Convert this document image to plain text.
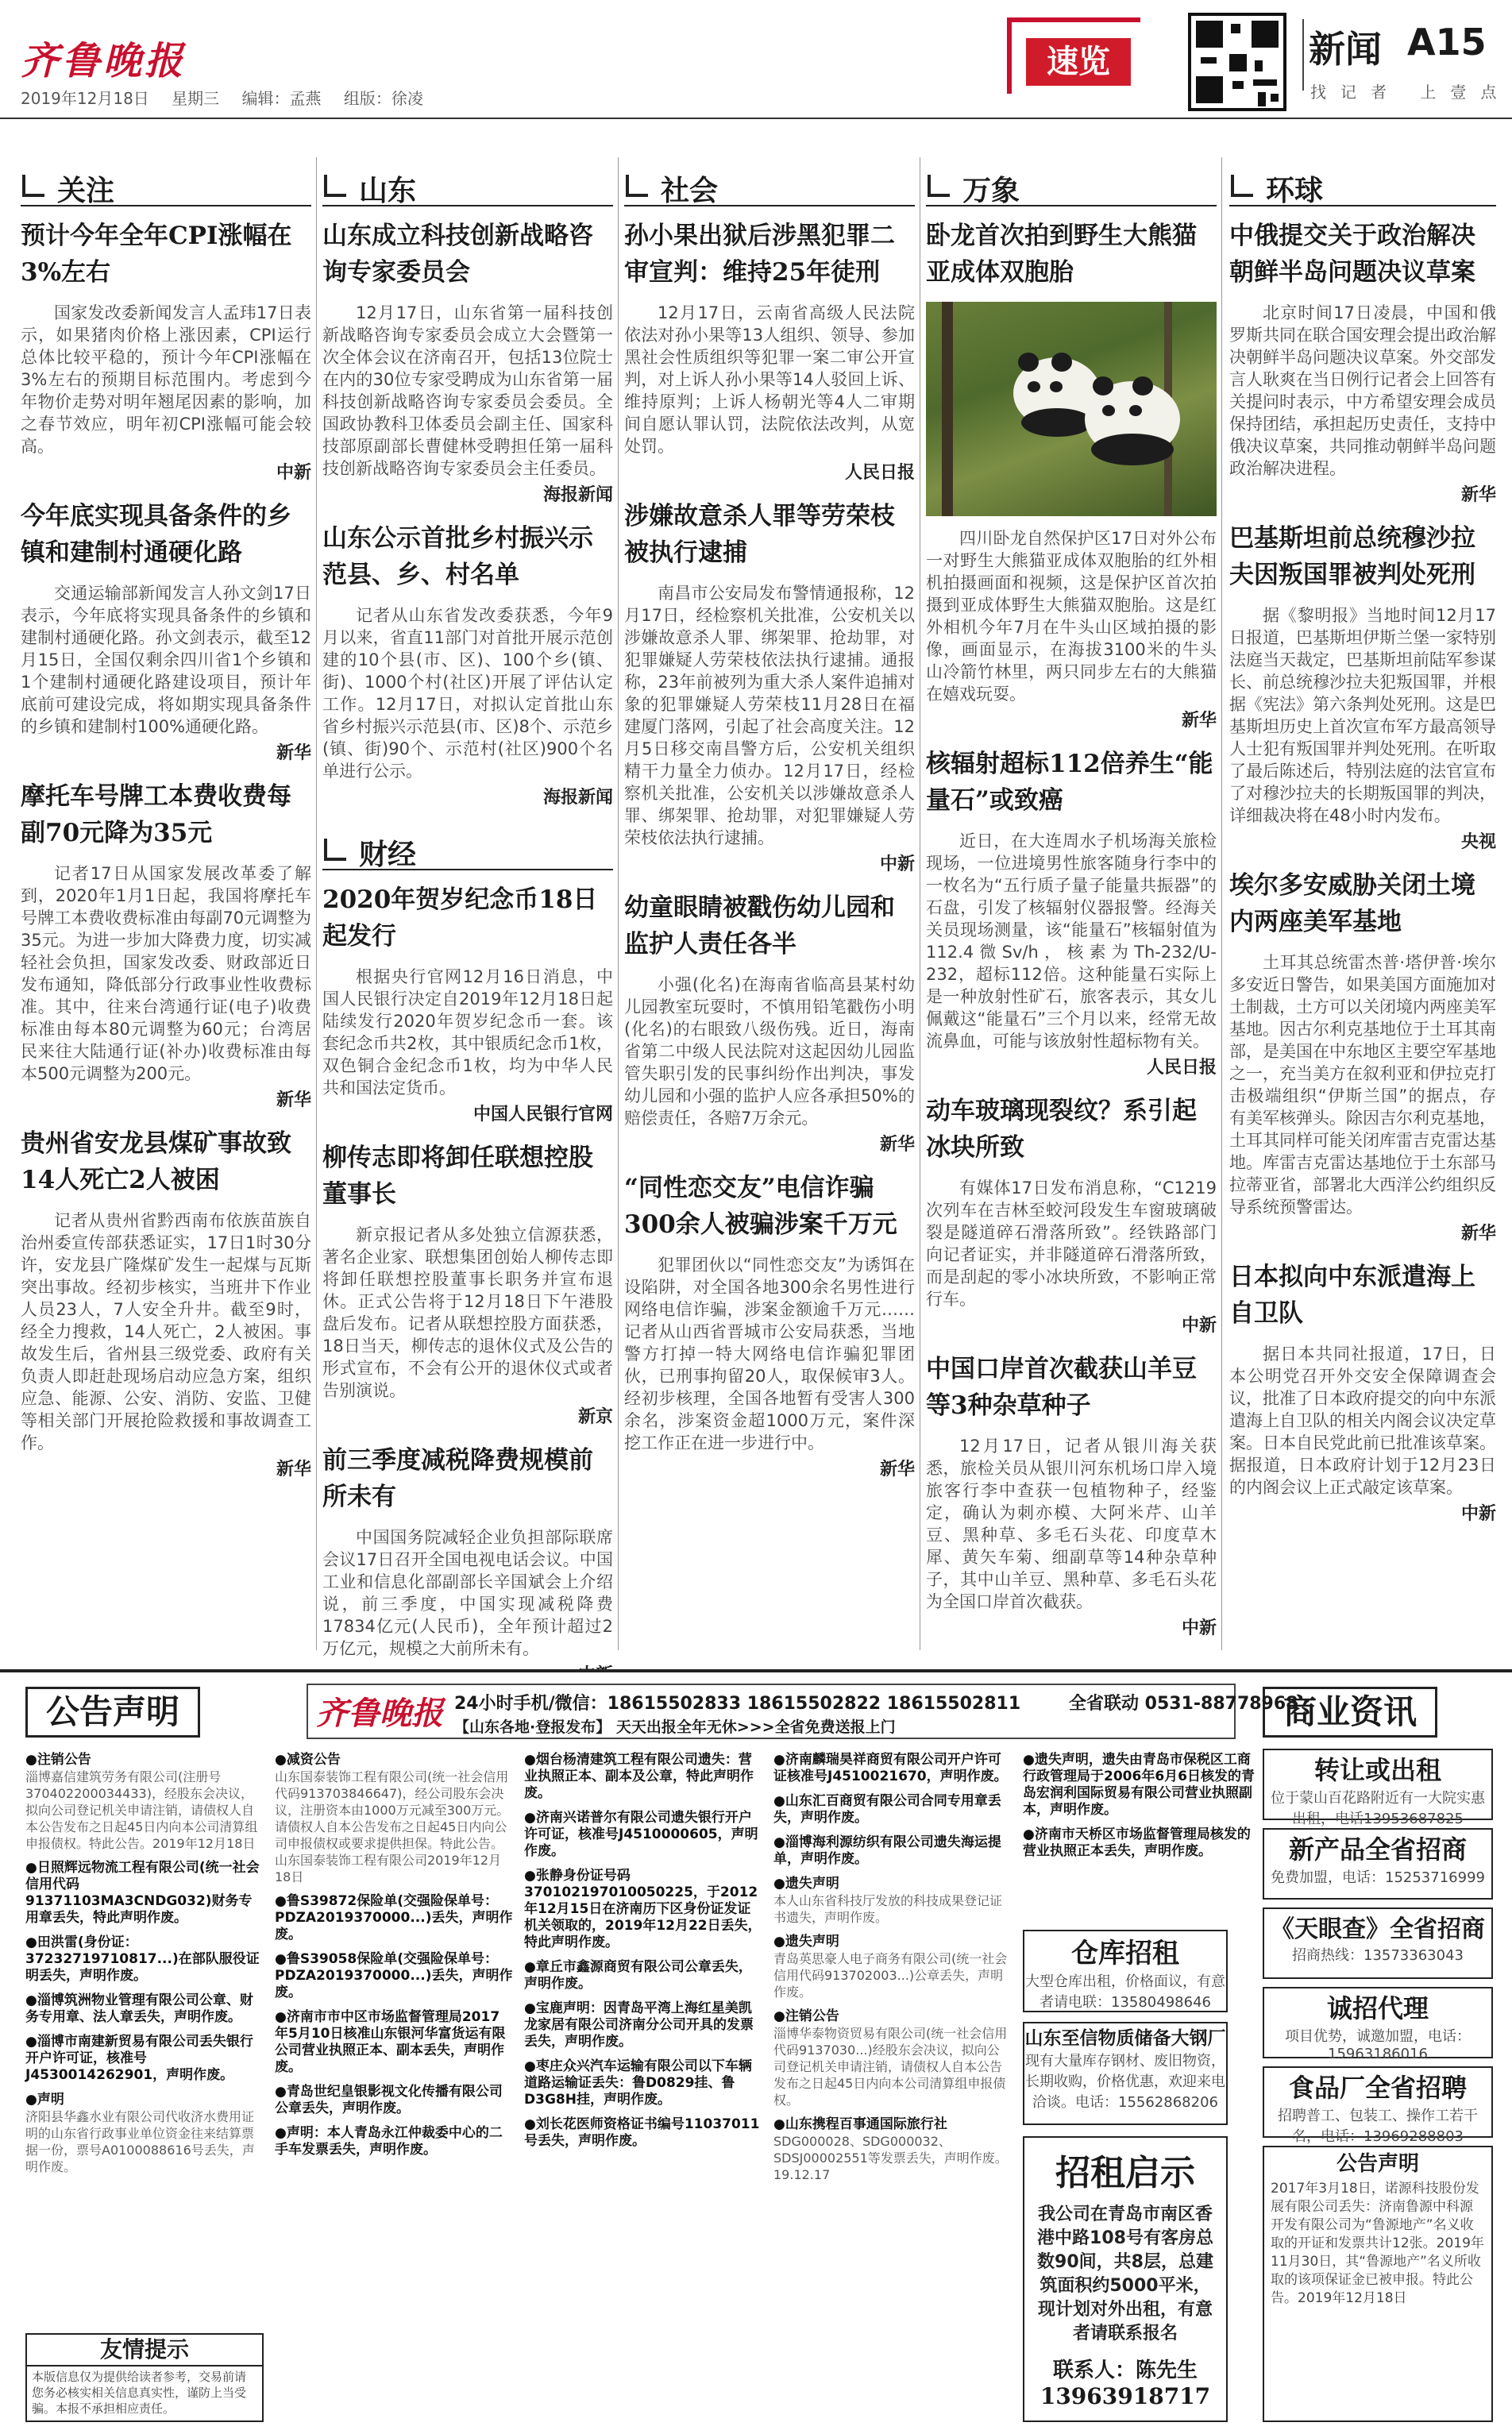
齐鲁晚报
2019年12月18日 星期三 编辑：孟燕 组版：徐凌
速览	新闻 A15
找记者 上壹点
关注
预计今年全年CPI涨幅在3%左右

国家发改委新闻发言人孟玮17日表示，如果猪肉价格上涨因素，CPI运行总体比较平稳的，预计今年CPI涨幅在3%左右的预期目标范围内。考虑到今年物价走势对明年翘尾因素的影响，加之春节效应，明年初CPI涨幅可能会较高。

中新
今年底实现具备条件的乡镇和建制村通硬化路

交通运输部新闻发言人孙文剑17日表示，今年底将实现具备条件的乡镇和建制村通硬化路。孙文剑表示，截至12月15日，全国仅剩余四川省1个乡镇和1个建制村通硬化路建设项目，预计年底前可建设完成，将如期实现具备条件的乡镇和建制村100%通硬化路。

新华
摩托车号牌工本费收费每副70元降为35元

记者17日从国家发展改革委了解到，2020年1月1日起，我国将摩托车号牌工本费收费标准由每副70元调整为35元。为进一步加大降费力度，切实减轻社会负担，国家发改委、财政部近日发布通知，降低部分行政事业性收费标准。其中，往来台湾通行证(电子)收费标准由每本80元调整为60元；台湾居民来往大陆通行证(补办)收费标准由每本500元调整为200元。

新华
贵州省安龙县煤矿事故致14人死亡2人被困

记者从贵州省黔西南布依族苗族自治州委宣传部获悉证实，17日1时30分许，安龙县广隆煤矿发生一起煤与瓦斯突出事故。经初步核实，当班井下作业人员23人，7人安全升井。截至9时，经全力搜救，14人死亡，2人被困。事故发生后，省州县三级党委、政府有关负责人即赶赴现场启动应急方案，组织应急、能源、公安、消防、安监、卫健等相关部门开展抢险救援和事故调查工作。

新华
山东
山东成立科技创新战略咨询专家委员会

12月17日，山东省第一届科技创新战略咨询专家委员会成立大会暨第一次全体会议在济南召开，包括13位院士在内的30位专家受聘成为山东省第一届科技创新战略咨询专家委员会委员。全国政协教科卫体委员会副主任、国家科技部原副部长曹健林受聘担任第一届科技创新战略咨询专家委员会主任委员。

海报新闻
山东公示首批乡村振兴示范县、乡、村名单

记者从山东省发改委获悉，今年9月以来，省直11部门对首批开展示范创建的10个县(市、区)、100个乡(镇、街)、1000个村(社区)开展了评估认定工作。12月17日，对拟认定首批山东省乡村振兴示范县(市、区)8个、示范乡(镇、街)90个、示范村(社区)900个名单进行公示。

海报新闻
财经
2020年贺岁纪念币18日起发行

根据央行官网12月16日消息，中国人民银行决定自2019年12月18日起陆续发行2020年贺岁纪念币一套。该套纪念币共2枚，其中银质纪念币1枚，双色铜合金纪念币1枚，均为中华人民共和国法定货币。

中国人民银行官网
柳传志即将卸任联想控股董事长

新京报记者从多处独立信源获悉，著名企业家、联想集团创始人柳传志即将卸任联想控股董事长职务并宣布退休。正式公告将于12月18日下午港股盘后发布。记者从联想控股方面获悉，18日当天，柳传志的退休仪式及公告的形式宣布，不会有公开的退休仪式或者告别演说。

新京
前三季度减税降费规模前所未有

中国国务院减轻企业负担部际联席会议17日召开全国电视电话会议。中国工业和信息化部副部长辛国斌会上介绍说，前三季度，中国实现减税降费17834亿元(人民币)，全年预计超过2万亿元，规模之大前所未有。

社会
孙小果出狱后涉黑犯罪二审宣判：维持25年徒刑

12月17日，云南省高级人民法院依法对孙小果等13人组织、领导、参加黑社会性质组织等犯罪一案二审公开宣判，对上诉人孙小果等14人驳回上诉、维持原判；上诉人杨朝光等4人二审期间自愿认罪认罚，法院依法改判，从宽处罚。

人民日报
涉嫌故意杀人罪等劳荣枝被执行逮捕

南昌市公安局发布警情通报称，12月17日，经检察机关批准，公安机关以涉嫌故意杀人罪、绑架罪、抢劫罪，对犯罪嫌疑人劳荣枝依法执行逮捕。通报称，23年前被列为重大杀人案件追捕对象的犯罪嫌疑人劳荣枝11月28日在福建厦门落网，引起了社会高度关注。12月5日移交南昌警方后，公安机关组织精干力量全力侦办。12月17日，经检察机关批准，公安机关以涉嫌故意杀人罪、绑架罪、抢劫罪，对犯罪嫌疑人劳荣枝依法执行逮捕。

中新
幼童眼睛被戳伤幼儿园和监护人责任各半

小强(化名)在海南省临高县某村幼儿园教室玩耍时，不慎用铅笔戳伤小明(化名)的右眼致八级伤残。近日，海南省第二中级人民法院对这起因幼儿园监管失职引发的民事纠纷作出判决，事发幼儿园和小强的监护人应各承担50%的赔偿责任，各赔7万余元。

新华
“同性恋交友”电信诈骗300余人被骗涉案千万元

犯罪团伙以“同性恋交友”为诱饵在设陷阱，对全国各地300余名男性进行网络电信诈骗，涉案金额逾千万元……记者从山西省晋城市公安局获悉，当地警方打掉一特大网络电信诈骗犯罪团伙，已刑事拘留20人，取保候审3人。经初步核理，全国各地暂有受害人300余名，涉案资金超1000万元，案件深挖工作正在进一步进行中。

新华
万象
卧龙首次拍到野生大熊猫亚成体双胞胎

四川卧龙自然保护区17日对外公布一对野生大熊猫亚成体双胞胎的红外相机拍摄画面和视频，这是保护区首次拍摄到亚成体野生大熊猫双胞胎。这是红外相机今年7月在牛头山区域拍摄的影像，画面显示，在海拔3100米的牛头山冷箭竹林里，两只同步左右的大熊猫在嬉戏玩耍。

新华
核辐射超标112倍养生“能量石”或致癌

近日，在大连周水子机场海关旅检现场，一位进境男性旅客随身行李中的一枚名为“五行质子量子能量共振器”的石盘，引发了核辐射仪器报警。经海关关员现场测量，该“能量石”核辐射值为112.4微Sv/h，核素为Th-232/U-232，超标112倍。这种能量石实际上是一种放射性矿石，旅客表示，其女儿佩戴这“能量石”三个月以来，经常无故流鼻血，可能与该放射性超标物有关。

人民日报
动车玻璃现裂纹？系引起冰块所致

有媒体17日发布消息称，“C1219次列车在吉林至蛟河段发生车窗玻璃破裂是隧道碎石滑落所致”。经铁路部门向记者证实，并非隧道碎石滑落所致，而是刮起的零小冰块所致，不影响正常行车。

中新
中国口岸首次截获山羊豆等3种杂草种子

12月17日，记者从银川海关获悉，旅检关员从银川河东机场口岸入境旅客行李中查获一包植物种子，经鉴定，确认为刺亦模、大阿米芹、山羊豆、黑种草、多毛石头花、印度草木犀、黄矢车菊、细副草等14种杂草种子，其中山羊豆、黑种草、多毛石头花为全国口岸首次截获。

中新
环球
中俄提交关于政治解决朝鲜半岛问题决议草案

北京时间17日凌晨，中国和俄罗斯共同在联合国安理会提出政治解决朝鲜半岛问题决议草案。外交部发言人耿爽在当日例行记者会上回答有关提问时表示，中方希望安理会成员保持团结，承担起历史责任，支持中俄决议草案，共同推动朝鲜半岛问题政治解决进程。

新华
巴基斯坦前总统穆沙拉夫因叛国罪被判处死刑

据《黎明报》当地时间12月17日报道，巴基斯坦伊斯兰堡一家特别法庭当天裁定，巴基斯坦前陆军参谋长、前总统穆沙拉夫犯叛国罪，并根据《宪法》第六条判处死刑。这是巴基斯坦历史上首次宣布军方最高领导人士犯有叛国罪并判处死刑。在听取了最后陈述后，特别法庭的法官宣布了对穆沙拉夫的长期叛国罪的判决，详细裁决将在48小时内发布。

央视
埃尔多安威胁关闭土境内两座美军基地

土耳其总统雷杰普·塔伊普·埃尔多安近日警告，如果美国方面施加对土制裁，土方可以关闭境内两座美军基地。因古尔利克基地位于土耳其南部，是美国在中东地区主要空军基地之一，充当美方在叙利亚和伊拉克打击极端组织“伊斯兰国”的据点，存有美军核弹头。除因吉尔利克基地，土耳其同样可能关闭库雷吉克雷达基地。库雷吉克雷达基地位于土东部马拉蒂亚省，部署北大西洋公约组织反导系统预警雷达。

新华
日本拟向中东派遣海上自卫队

据日本共同社报道，17日，日本公明党召开外交安全保障调查会议，批准了日本政府提交的向中东派遣海上自卫队的相关内阁会议决定草案。日本自民党此前已批准该草案。据报道，日本政府计划于12月23日的内阁会议上正式敲定该草案。

中新
公告声明	商业资讯
齐鲁晚报 24小时手机/微信：18615502833 18615502822 18615502811
【山东各地·登报发布】 天天出报全年无休>>>全省免费送报上门
全省联动 0531-88778968
●注销公告
淄博嘉信建筑劳务有限公司(注册号370402200034433)，经股东会决议，拟向公司登记机关申请注销，请债权人自本公告发布之日起45日内向本公司清算组申报债权。特此公告。2019年12月18日
●日照辉远物流工程有限公司(统一社会信用代码91371103MA3CNDG032)财务专用章丢失，特此声明作废。
●田洪雷(身份证：37232719710817...)在部队服役证明丢失，声明作废。
●淄博筑洲物业管理有限公司公章、财务专用章、法人章丢失，声明作废。
●淄博市南建新贸易有限公司丢失银行开户许可证，核准号J4530014262901，声明作废。
●声明
济阳县华鑫水业有限公司代收济水费用证明的山东省行政事业单位资金往来结算票据一份，票号A0100088616号丢失，声明作废。
●减资公告
山东国泰装饰工程有限公司(统一社会信用代码913703846647)，经公司股东会决议，注册资本由1000万元减至300万元。请债权人自本公告发布之日起45日内向公司申报债权或要求提供担保。特此公告。山东国泰装饰工程有限公司2019年12月18日
●鲁S39872保险单(交强险保单号：PDZA2019370000...)丢失，声明作废。
●鲁S39058保险单(交强险保单号：PDZA2019370000...)丢失，声明作废。
●济南市市中区市场监督管理局2017年5月10日核准山东银河华富货运有限公司营业执照正本、副本丢失，声明作废。
●青岛世纪皇银影视文化传播有限公司公章丢失，声明作废。
●声明：本人青岛永江仲裁委中心的二手车发票丢失，声明作废。
●烟台杨清建筑工程有限公司遗失：营业执照正本、副本及公章，特此声明作废。
●济南兴诺普尔有限公司遗失银行开户许可证，核准号J4510000605，声明作废。
●张静身份证号码370102197010050225，于2012年12月15日在济南历下区身份证发证机关领取的，2019年12月22日丢失，特此声明作废。
●章丘市鑫源商贸有限公司公章丢失，声明作废。
●宝鹿声明：因青岛平湾上海红星美凯龙家居有限公司济南分公司开具的发票丢失，声明作废。
●枣庄众兴汽车运输有限公司以下车辆道路运输证丢失：鲁D0829挂、鲁D3G8H挂，声明作废。
●刘长花医师资格证书编号11037011号丢失，声明作废。
●济南麟瑞昊祥商贸有限公司开户许可证核准号J4510021670，声明作废。
●山东汇百商贸有限公司合同专用章丢失，声明作废。
●淄博海利源纺织有限公司遗失海运提单，声明作废。
●遗失声明
本人山东省科技厅发放的科技成果登记证书遗失，声明作废。
●遗失声明
青岛英思豪人电子商务有限公司(统一社会信用代码913702003...)公章丢失，声明作废。
●注销公告
淄博华泰物资贸易有限公司(统一社会信用代码9137030...)经股东会决议，拟向公司登记机关申请注销，请债权人自本公告发布之日起45日内向本公司清算组申报债权。
●山东携程百事通国际旅行社
SDG000028、SDG000032、SDSJ00002551等发票丢失，声明作废。19.12.17
●遗失声明，遗失由青岛市保税区工商行政管理局于2006年6月6日核发的青岛宏润利国际贸易有限公司营业执照副本，声明作废。
●济南市天桥区市场监督管理局核发的营业执照正本丢失，声明作废。
仓库招租
大型仓库出租，价格面议，有意者请电联：13580498646
山东至信物质储备大钢厂
现有大量库存钢材、废旧物资，长期收购，价格优惠，欢迎来电洽谈。电话：15562868206
招租启示
我公司在青岛市南区香港中路108号有客房总数90间，共8层，总建筑面积约5000平米，现计划对外出租，有意者请联系报名
联系人：陈先生
13963918717
转让或出租
位于蒙山百花路附近有一大院实惠出租，电话13953687825
新产品全省招商
免费加盟，电话：15253716999
《天眼查》全省招商
招商热线：13573363043
诚招代理
项目优势，诚邀加盟，电话：15963186016
食品厂全省招聘
招聘普工、包装工、操作工若干名，电话：13969288803
公告声明
2017年3月18日，诺源科技股份发展有限公司丢失：济南鲁源中科源开发有限公司为“鲁源地产”名义收取的开证和发票共计12张。2019年11月30日，其“鲁源地产”名义所收取的该项保证金已被申报。特此公告。2019年12月18日
友情提示
本版信息仅为提供给读者参考，交易前请您务必核实相关信息真实性，谨防上当受骗。本报不承担相应责任。
